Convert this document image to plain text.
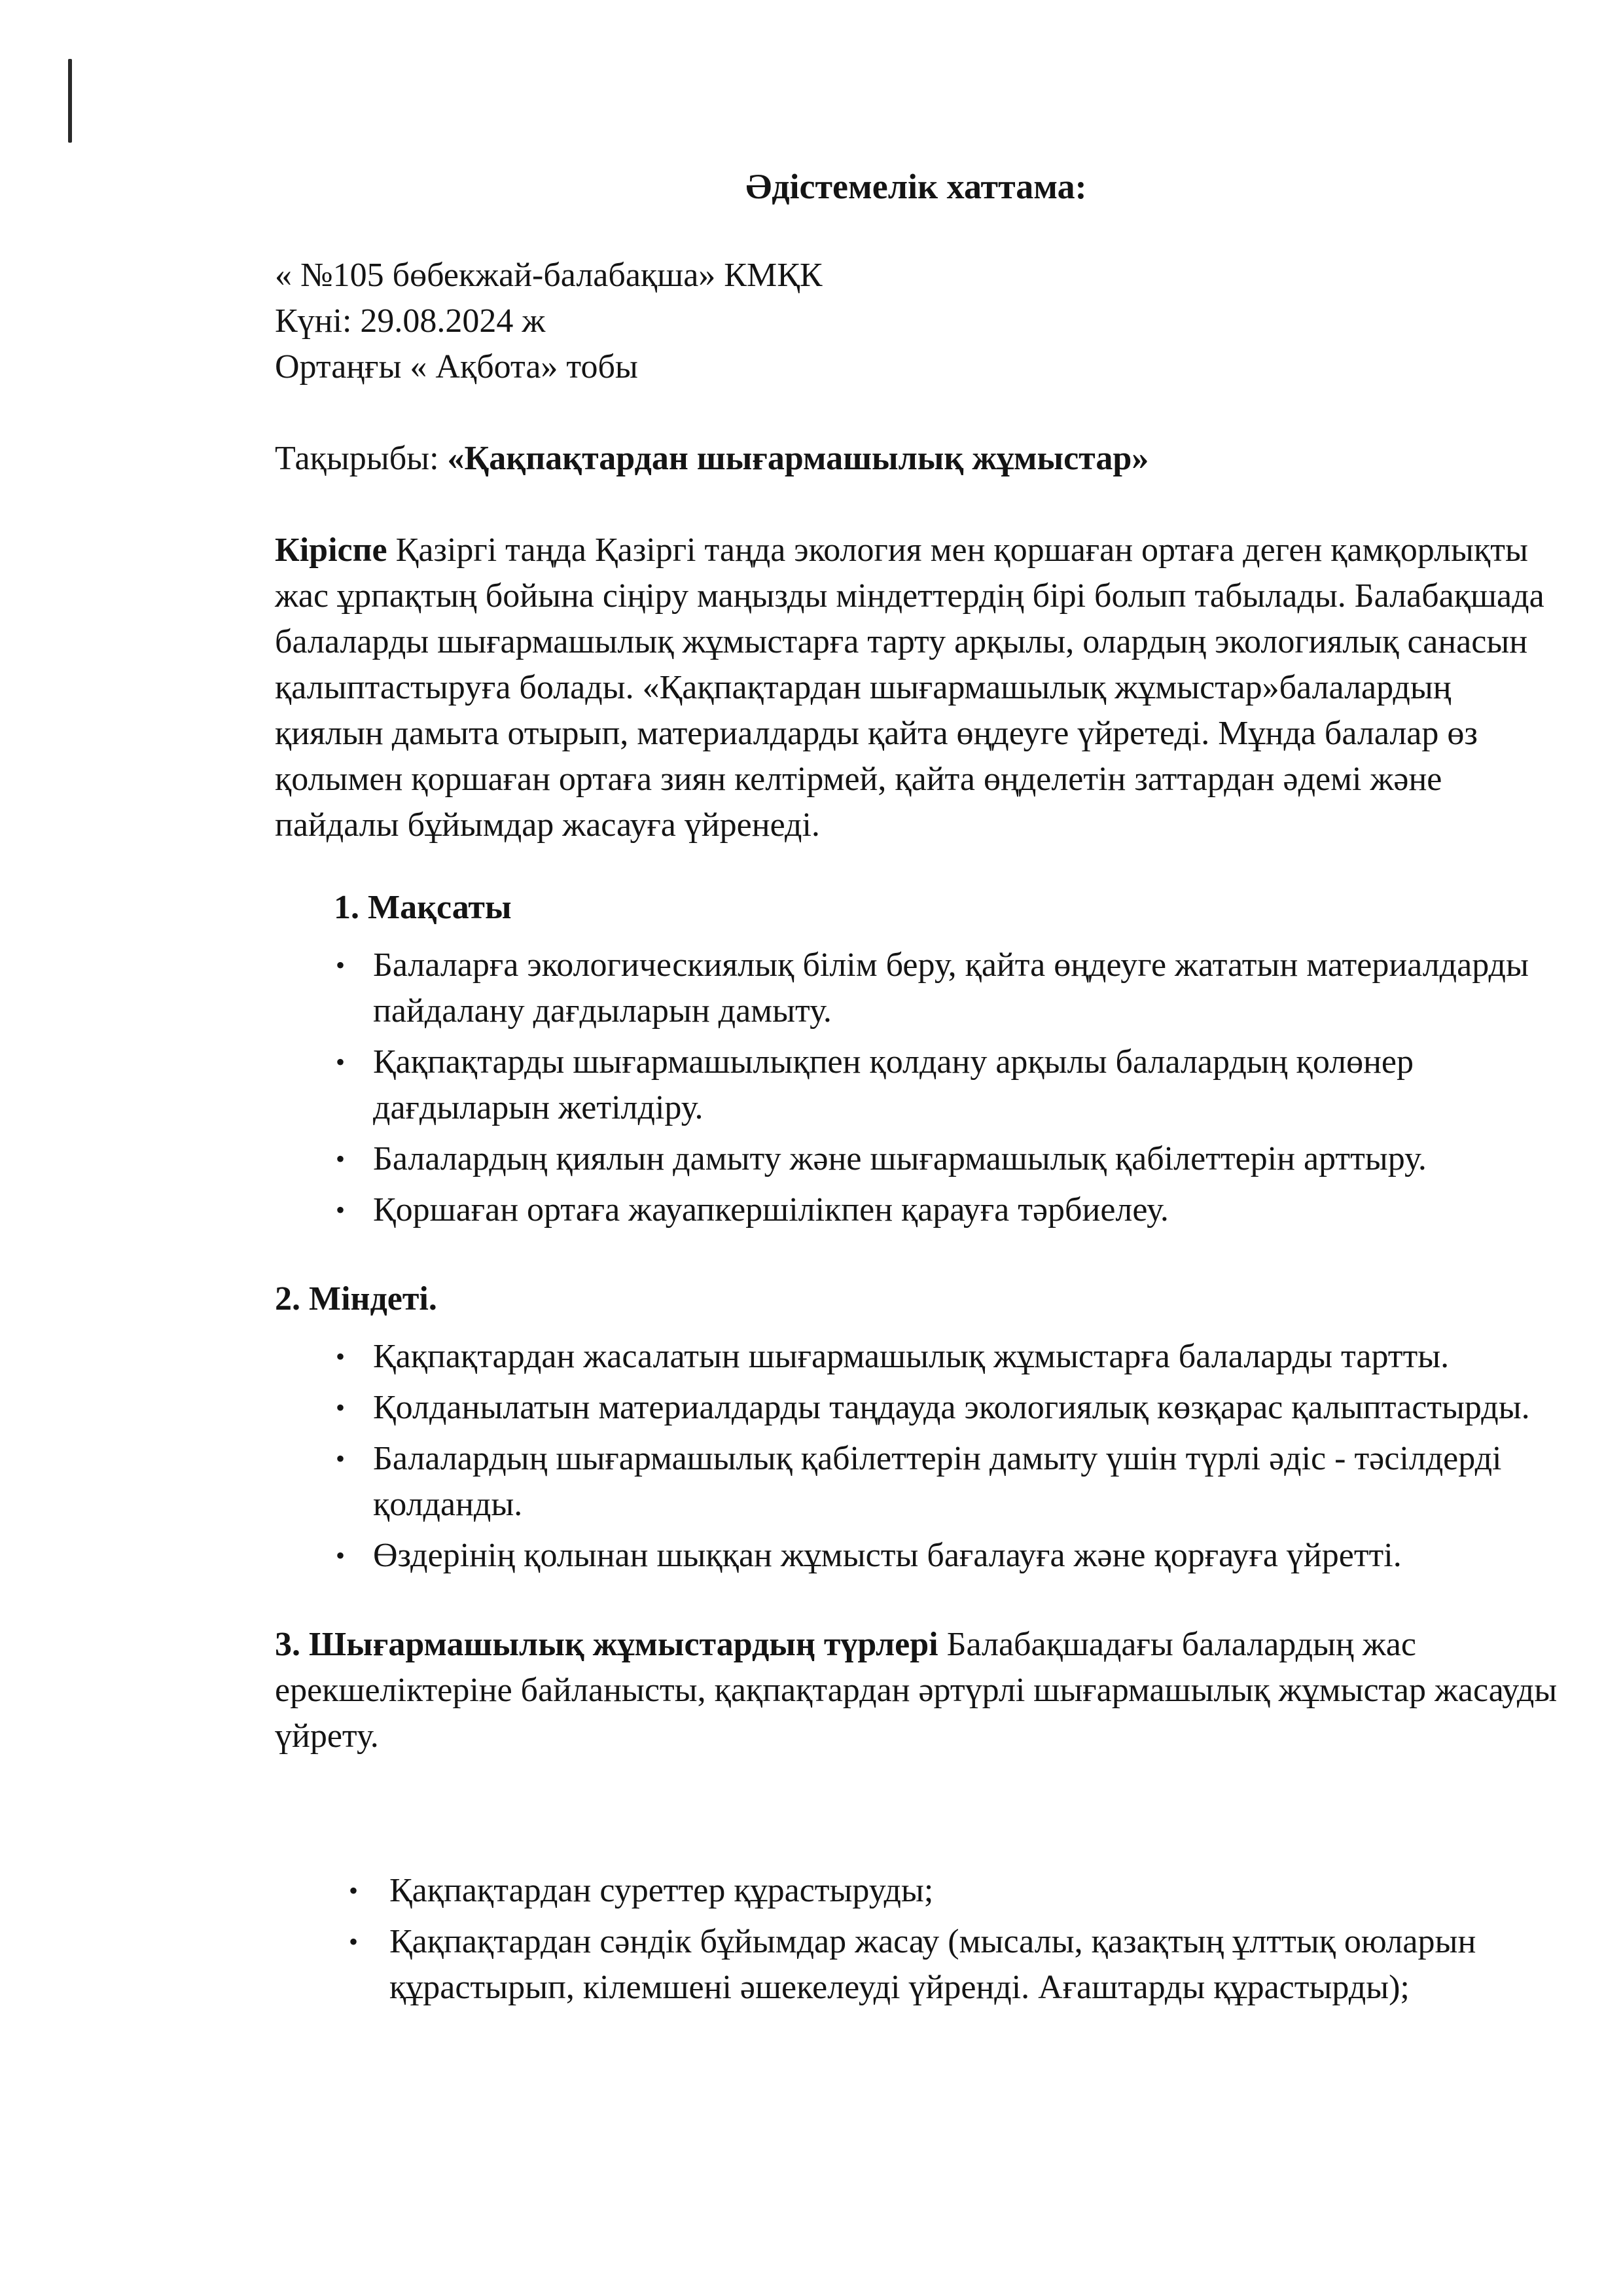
Әдістемелік хаттама:

« №105 бөбекжай-балабақша» КМҚК

Күні: 29.08.2024 ж

Ортаңғы « Ақбота» тобы

Тақырыбы: «Қақпақтардан шығармашылық жұмыстар»

Кіріспе Қазіргі таңда Қазіргі таңда экология мен қоршаған ортаға деген қамқорлықты жас ұрпақтың бойына сіңіру маңызды міндеттердің бірі болып табылады. Балабақшада балаларды шығармашылық жұмыстарға тарту арқылы, олардың экологиялық санасын қалыптастыруға болады. «Қақпақтардан шығармашылық жұмыстар»балалардың қиялын дамыта отырып, материалдарды қайта өңдеуге үйретеді. Мұнда балалар өз қолымен қоршаған ортаға зиян келтірмей, қайта өңделетін заттардан әдемі және пайдалы бұйымдар жасауға үйренеді.

1. Мақсаты

• Балаларға экологическиялық білім беру, қайта өңдеуге жататын материалдарды пайдалану дағдыларын дамыту.
• Қақпақтарды шығармашылықпен қолдану арқылы балалардың қолөнер дағдыларын жетілдіру.
• Балалардың қиялын дамыту және шығармашылық қабілеттерін арттыру.
• Қоршаған ортаға жауапкершілікпен қарауға тәрбиелеу.

2. Міндеті.

• Қақпақтардан жасалатын шығармашылық жұмыстарға балаларды тартты.
• Қолданылатын материалдарды таңдауда экологиялық көзқарас қалыптастырды.
• Балалардың шығармашылық қабілеттерін дамыту үшін түрлі әдіс - тәсілдерді қолданды.
• Өздерінің қолынан шыққан жұмысты бағалауға және қорғауға үйретті.

3. Шығармашылық жұмыстардың түрлері Балабақшадағы балалардың жас ерекшеліктеріне байланысты, қақпақтардан әртүрлі шығармашылық жұмыстар жасауды үйрету.

• Қақпақтардан суреттер құрастыруды;
• Қақпақтардан сәндік бұйымдар жасау (мысалы, қазақтың ұлттық оюларын құрастырып, кілемшені әшекелеуді үйренді. Ағаштарды құрастырды);
